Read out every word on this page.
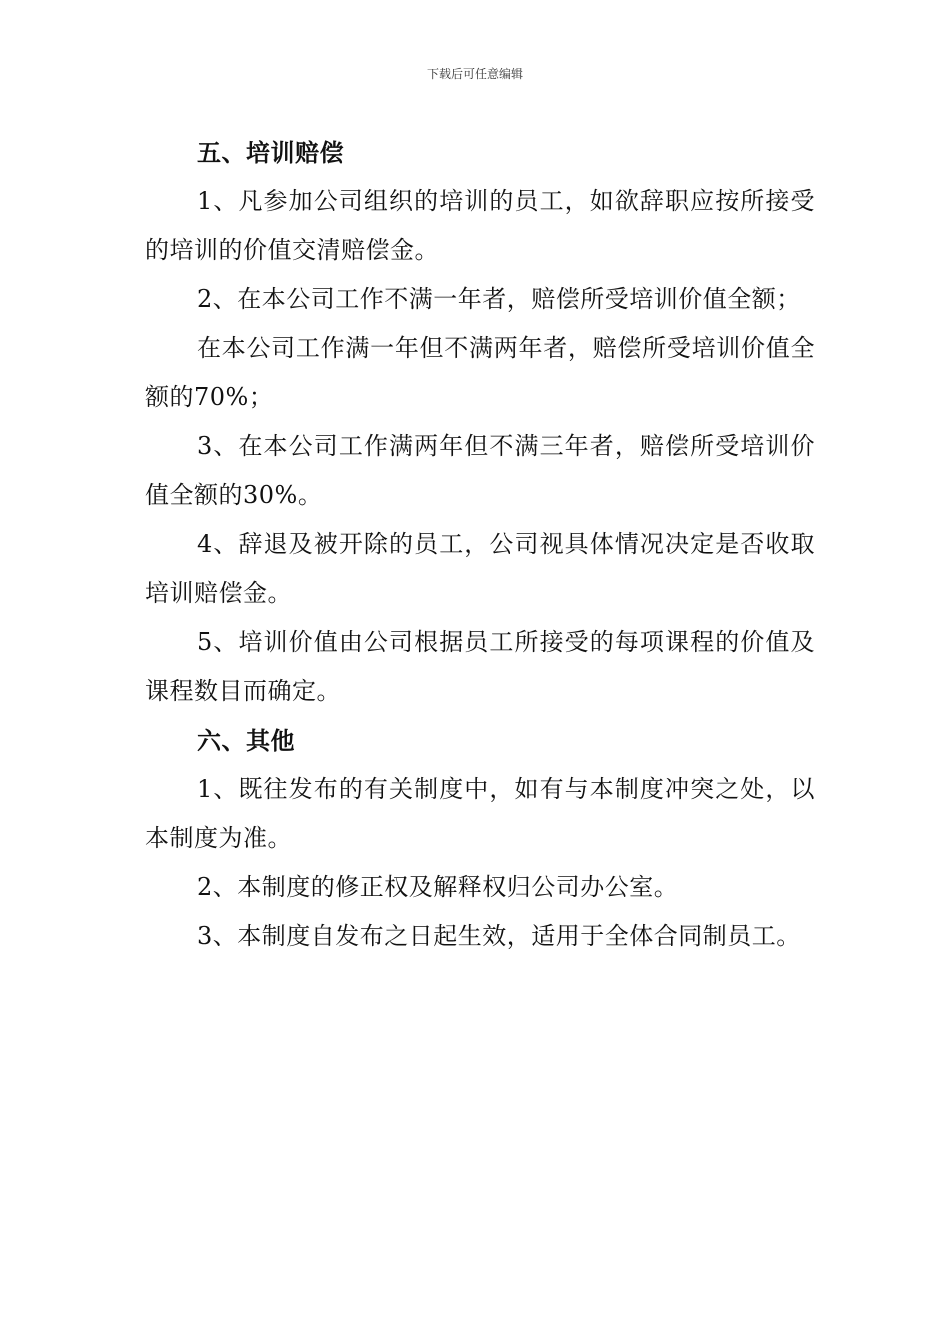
下载后可任意编辑

五、培训赔偿

1、凡参加公司组织的培训的员工，如欲辞职应按所接受的培训的价值交清赔偿金。

2、在本公司工作不满一年者，赔偿所受培训价值全额；

在本公司工作满一年但不满两年者，赔偿所受培训价值全额的70%；

3、在本公司工作满两年但不满三年者，赔偿所受培训价值全额的30%。

4、辞退及被开除的员工，公司视具体情况决定是否收取培训赔偿金。

5、培训价值由公司根据员工所接受的每项课程的价值及课程数目而确定。

六、其他

1、既往发布的有关制度中，如有与本制度冲突之处，以本制度为准。

2、本制度的修正权及解释权归公司办公室。

3、本制度自发布之日起生效，适用于全体合同制员工。
